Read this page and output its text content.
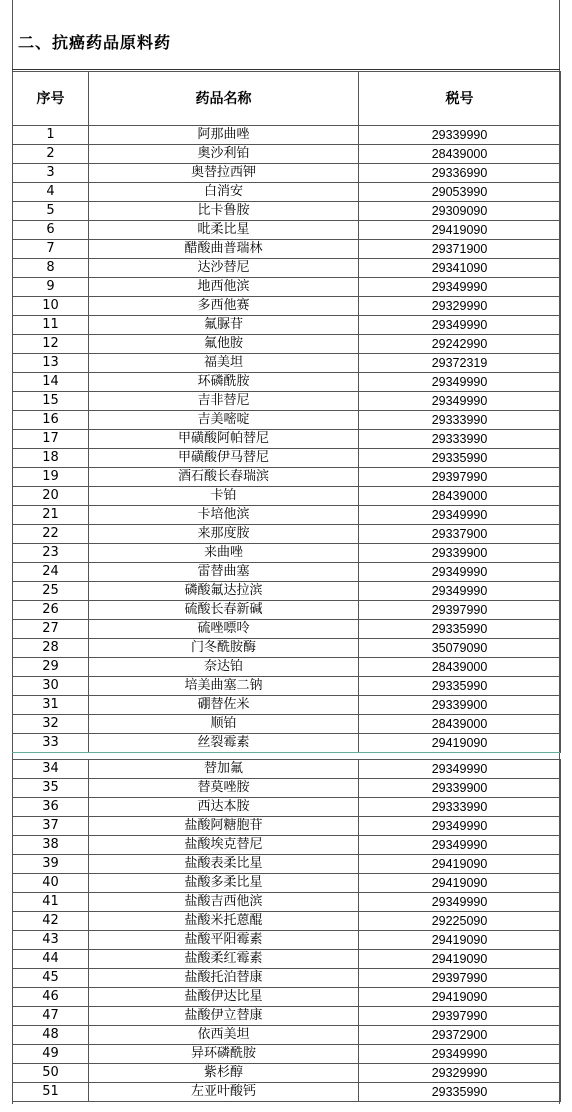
二、抗癌药品原料药
序号	药品名称	税号
1	阿那曲唑	29339990
2	奥沙利铂	28439000
3	奥替拉西钾	29336990
4	白消安	29053990
5	比卡鲁胺	29309090
6	吡柔比星	29419090
7	醋酸曲普瑞林	29371900
8	达沙替尼	29341090
9	地西他滨	29349990
10	多西他赛	29329990
11	氟脲苷	29349990
12	氟他胺	29242990
13	福美坦	29372319
14	环磷酰胺	29349990
15	吉非替尼	29349990
16	吉美嘧啶	29333990
17	甲磺酸阿帕替尼	29333990
18	甲磺酸伊马替尼	29335990
19	酒石酸长春瑞滨	29397990
20	卡铂	28439000
21	卡培他滨	29349990
22	来那度胺	29337900
23	来曲唑	29339900
24	雷替曲塞	29349990
25	磷酸氟达拉滨	29349990
26	硫酸长春新碱	29397990
27	硫唑嘌呤	29335990
28	门冬酰胺酶	35079090
29	奈达铂	28439000
30	培美曲塞二钠	29335990
31	硼替佐米	29339900
32	顺铂	28439000
33	丝裂霉素	29419090
34	替加氟	29349990
35	替莫唑胺	29339900
36	西达本胺	29333990
37	盐酸阿糖胞苷	29349990
38	盐酸埃克替尼	29349990
39	盐酸表柔比星	29419090
40	盐酸多柔比星	29419090
41	盐酸吉西他滨	29349990
42	盐酸米托蒽醌	29225090
43	盐酸平阳霉素	29419090
44	盐酸柔红霉素	29419090
45	盐酸托泊替康	29397990
46	盐酸伊达比星	29419090
47	盐酸伊立替康	29397990
48	依西美坦	29372900
49	异环磷酰胺	29349990
50	紫杉醇	29329990
51	左亚叶酸钙	29335990
